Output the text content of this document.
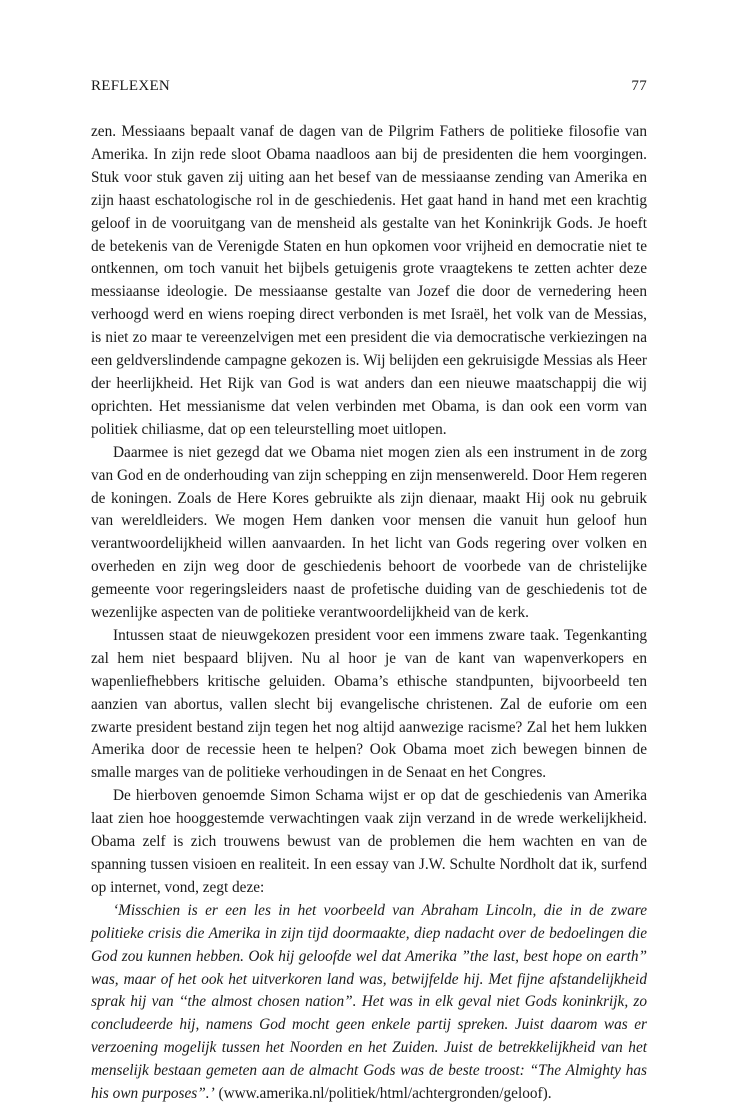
REFLEXEN	77

zen. Messiaans bepaalt vanaf de dagen van de Pilgrim Fathers de politieke filosofie van Amerika. In zijn rede sloot Obama naadloos aan bij de presidenten die hem voorgingen. Stuk voor stuk gaven zij uiting aan het besef van de messiaanse zending van Amerika en zijn haast eschatologische rol in de geschiedenis. Het gaat hand in hand met een krachtig geloof in de vooruitgang van de mensheid als gestalte van het Koninkrijk Gods. Je hoeft de betekenis van de Verenigde Staten en hun opkomen voor vrijheid en democratie niet te ontkennen, om toch vanuit het bijbels getuigenis grote vraagtekens te zetten achter deze messiaanse ideologie. De messiaanse gestalte van Jozef die door de vernedering heen verhoogd werd en wiens roeping direct verbonden is met Israël, het volk van de Messias, is niet zo maar te vereenzelvigen met een president die via democratische verkiezingen na een geldverslindende campagne gekozen is. Wij belijden een gekruisigde Messias als Heer der heerlijkheid. Het Rijk van God is wat anders dan een nieuwe maatschappij die wij oprichten. Het messianisme dat velen verbinden met Obama, is dan ook een vorm van politiek chiliasme, dat op een teleurstelling moet uitlopen.

Daarmee is niet gezegd dat we Obama niet mogen zien als een instrument in de zorg van God en de onderhouding van zijn schepping en zijn mensenwereld. Door Hem regeren de koningen. Zoals de Here Kores gebruikte als zijn dienaar, maakt Hij ook nu gebruik van wereldleiders. We mogen Hem danken voor mensen die vanuit hun geloof hun verantwoordelijkheid willen aanvaarden. In het licht van Gods regering over volken en overheden en zijn weg door de geschiedenis behoort de voorbede van de christelijke gemeente voor regeringsleiders naast de profetische duiding van de geschiedenis tot de wezenlijke aspecten van de politieke verantwoordelijkheid van de kerk.

Intussen staat de nieuwgekozen president voor een immens zware taak. Tegenkanting zal hem niet bespaard blijven. Nu al hoor je van de kant van wapenverkopers en wapenliefhebbers kritische geluiden. Obama’s ethische standpunten, bijvoorbeeld ten aanzien van abortus, vallen slecht bij evangelische christenen. Zal de euforie om een zwarte president bestand zijn tegen het nog altijd aanwezige racisme? Zal het hem lukken Amerika door de recessie heen te helpen? Ook Obama moet zich bewegen binnen de smalle marges van de politieke verhoudingen in de Senaat en het Congres.

De hierboven genoemde Simon Schama wijst er op dat de geschiedenis van Amerika laat zien hoe hooggestemde verwachtingen vaak zijn verzand in de wrede werkelijkheid. Obama zelf is zich trouwens bewust van de problemen die hem wachten en van de spanning tussen visioen en realiteit. In een essay van J.W. Schulte Nordholt dat ik, surfend op internet, vond, zegt deze:

‘Misschien is er een les in het voorbeeld van Abraham Lincoln, die in de zware politieke crisis die Amerika in zijn tijd doormaakte, diep nadacht over de bedoelingen die God zou kunnen hebben. Ook hij geloofde wel dat Amerika ”the last, best hope on earth” was, maar of het ook het uitverkoren land was, betwijfelde hij. Met fijne afstandelijkheid sprak hij van ‘‘the almost chosen nation”. Het was in elk geval niet Gods koninkrijk, zo concludeerde hij, namens God mocht geen enkele partij spreken. Juist daarom was er verzoening mogelijk tussen het Noorden en het Zuiden. Juist de betrekkelijkheid van het menselijk bestaan gemeten aan de almacht Gods was de beste troost: “The Almighty has his own purposes”.’ (www.amerika.nl/politiek/html/achtergronden/geloof).
